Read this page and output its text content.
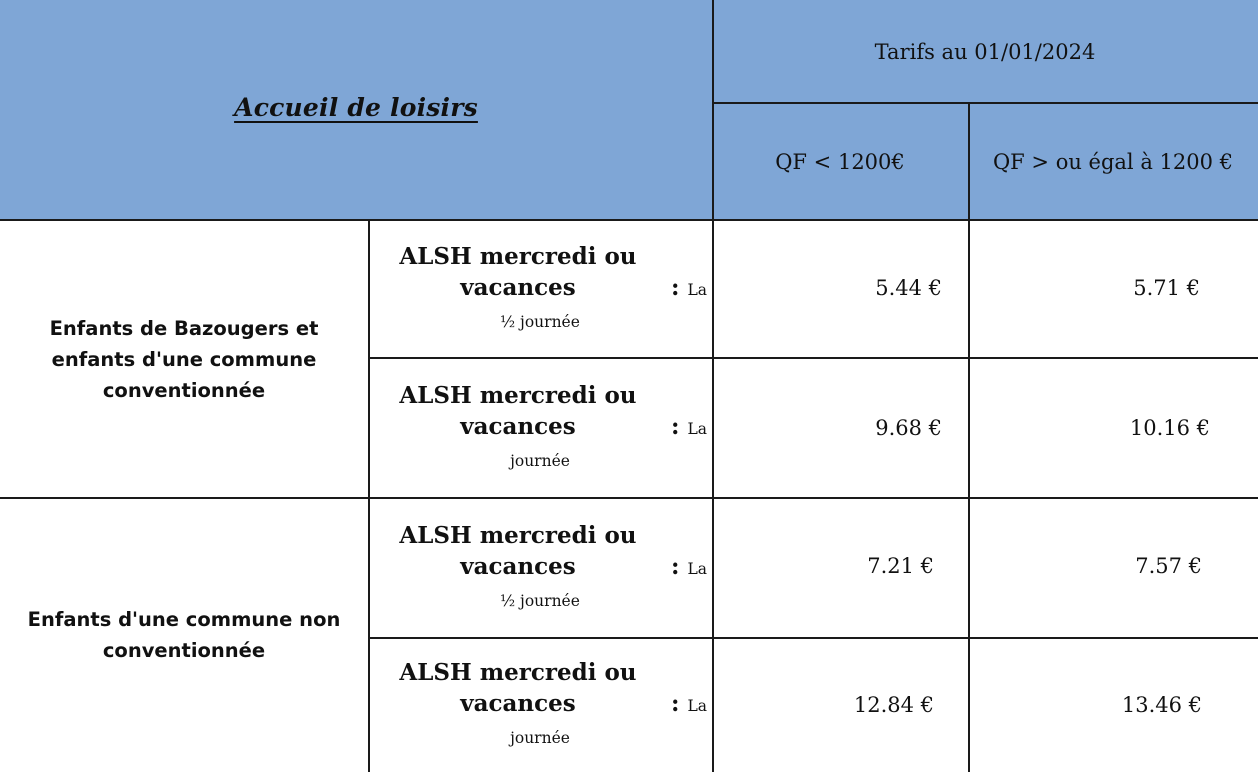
Accueil de loisirs
Tarifs au 01/01/2024
QF < 1200€	QF > ou égal à 1200 €
Enfants de Bazougers et enfants d'une commune conventionnée
ALSH mercredi ou vacances	: La ½ journée
5.44 €	5.71 €
ALSH mercredi ou vacances	: La journée
9.68 €	10.16 €
Enfants d'une commune non conventionnée
ALSH mercredi ou vacances	: La ½ journée
7.21 €	7.57 €
ALSH mercredi ou vacances	: La journée
12.84 €	13.46 €
